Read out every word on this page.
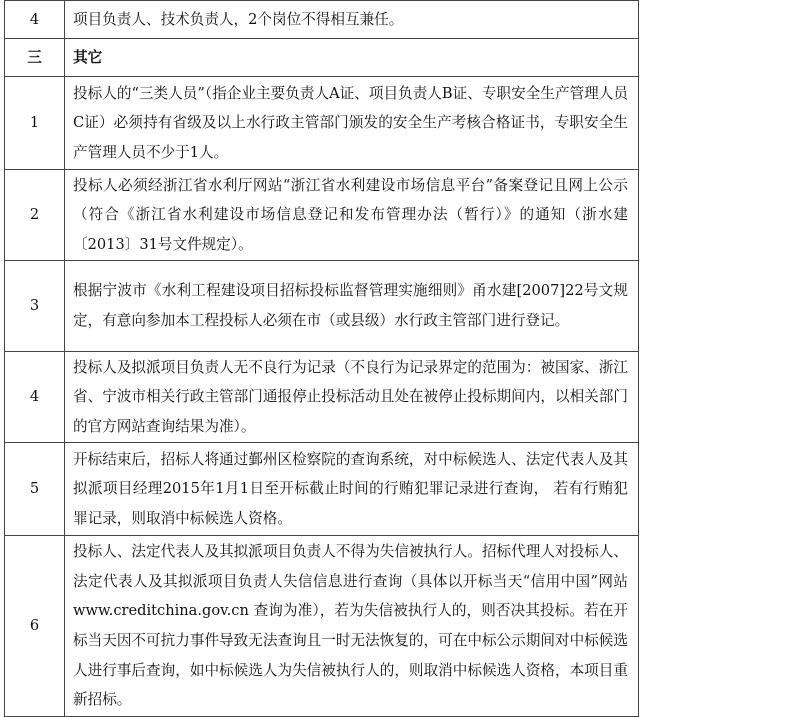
4	项目负责人、技术负责人，2个岗位不得相互兼任。
三	其它
1	投标人的“三类人员”（指企业主要负责人A证、项目负责人B证、专职安全生产管理人员C证）必须持有省级及以上水行政主管部门颁发的安全生产考核合格证书，专职安全生产管理人员不少于1人。
2	投标人必须经浙江省水利厅网站“浙江省水利建设市场信息平台”备案登记且网上公示（符合《浙江省水利建设市场信息登记和发布管理办法（暂行）》的通知（浙水建〔2013〕31号文件规定）。
3	根据宁波市《水利工程建设项目招标投标监督管理实施细则》甬水建[2007]22号文规定，有意向参加本工程投标人必须在市（或县级）水行政主管部门进行登记。
4	投标人及拟派项目负责人无不良行为记录（不良行为记录界定的范围为：被国家、浙江省、宁波市相关行政主管部门通报停止投标活动且处在被停止投标期间内，以相关部门的官方网站查询结果为准）。
5	开标结束后，招标人将通过鄞州区检察院的查询系统，对中标候选人、法定代表人及其拟派项目经理2015年1月1日至开标截止时间的行贿犯罪记录进行查询， 若有行贿犯罪记录，则取消中标候选人资格。
6	投标人、法定代表人及其拟派项目负责人不得为失信被执行人。招标代理人对投标人、法定代表人及其拟派项目负责人失信信息进行查询（具体以开标当天“信用中国”网站 www.creditchina.gov.cn 查询为准），若为失信被执行人的，则否决其投标。若在开标当天因不可抗力事件导致无法查询且一时无法恢复的，可在中标公示期间对中标候选人进行事后查询，如中标候选人为失信被执行人的，则取消中标候选人资格，本项目重新招标。
